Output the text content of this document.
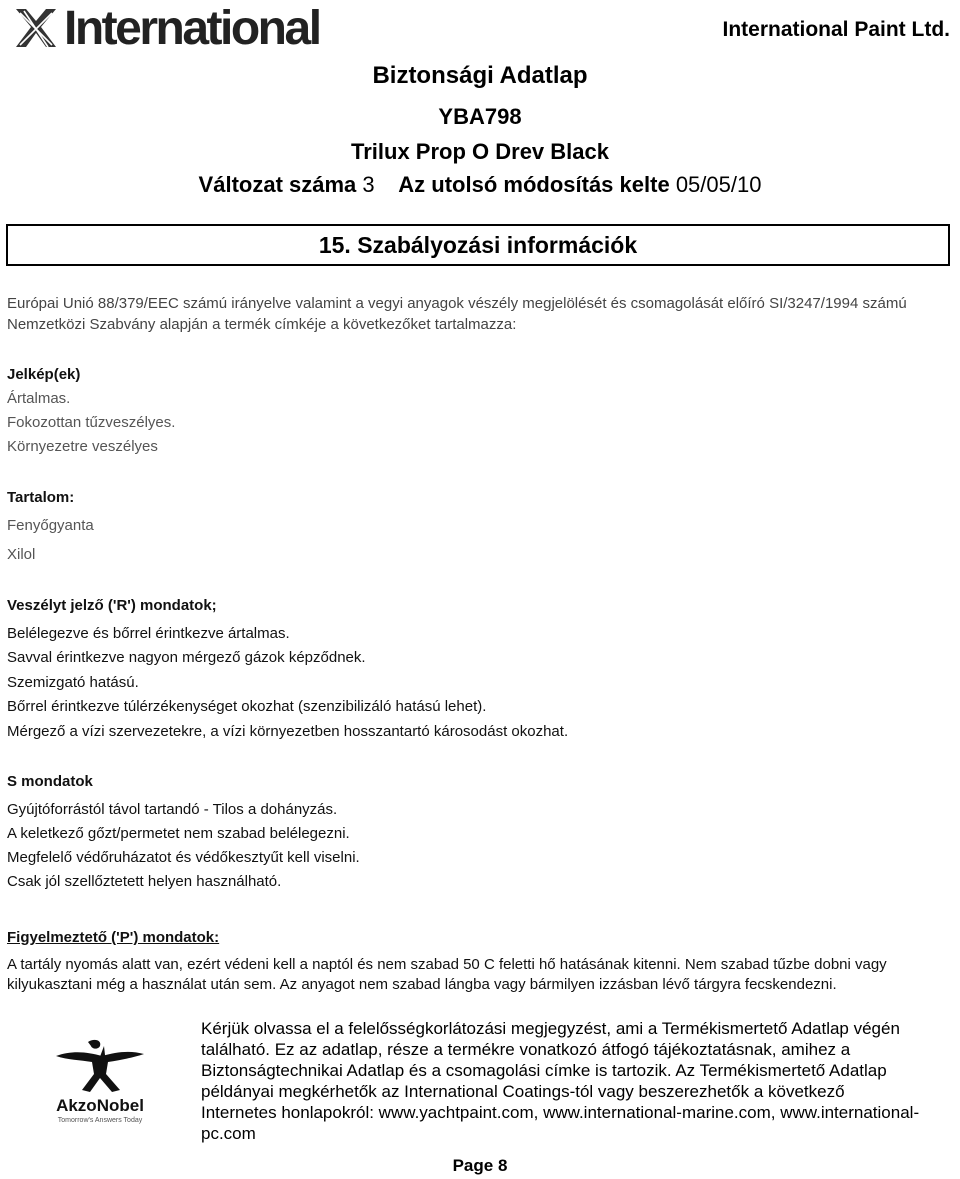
International	International Paint Ltd.
Biztonsági Adatlap
YBA798
Trilux Prop O Drev Black
Változat száma 3 Az utolsó módosítás kelte 05/05/10
15. Szabályozási információk
Európai Unió 88/379/EEC számú irányelve valamint a vegyi anyagok vészély megjelölését és csomagolását előíró SI/3247/1994 számú Nemzetközi Szabvány alapján a termék címkéje a következőket tartalmazza:
Jelkép(ek)
Ártalmas.
Fokozottan tűzveszélyes.
Környezetre veszélyes
Tartalom:
Fenyőgyanta
Xilol
Veszélyt jelző ('R') mondatok;
Belélegezve és bőrrel érintkezve ártalmas.
Savval érintkezve nagyon mérgező gázok képződnek.
Szemizgató hatású.
Bőrrel érintkezve túlérzékenységet okozhat (szenzibilizáló hatású lehet).
Mérgező a vízi szervezetekre, a vízi környezetben hosszantartó károsodást okozhat.
S mondatok
Gyújtóforrástól távol tartandó - Tilos a dohányzás.
A keletkező gőzt/permetet nem szabad belélegezni.
Megfelelő védőruházatot és védőkesztyűt kell viselni.
Csak jól szellőztetett helyen használható.
Figyelmeztető ('P') mondatok:
A tartály nyomás alatt van, ezért védeni kell a naptól és nem szabad 50 C feletti hő hatásának kitenni. Nem szabad tűzbe dobni vagy kilyukasztani még a használat után sem. Az anyagot nem szabad lángba vagy bármilyen izzásban lévő tárgyra fecskendezni.
AkzoNobel
Tomorrow's Answers Today
Kérjük olvassa el a felelősségkorlátozási megjegyzést, ami a Termékismertető Adatlap végén található. Ez az adatlap, része a termékre vonatkozó átfogó tájékoztatásnak, amihez a Biztonságtechnikai Adatlap és a csomagolási címke is tartozik. Az Termékismertető Adatlap példányai megkérhetők az International Coatings-tól vagy beszerezhetők a következő Internetes honlapokról: www.yachtpaint.com, www.international-marine.com, www.international-pc.com
Page 8
